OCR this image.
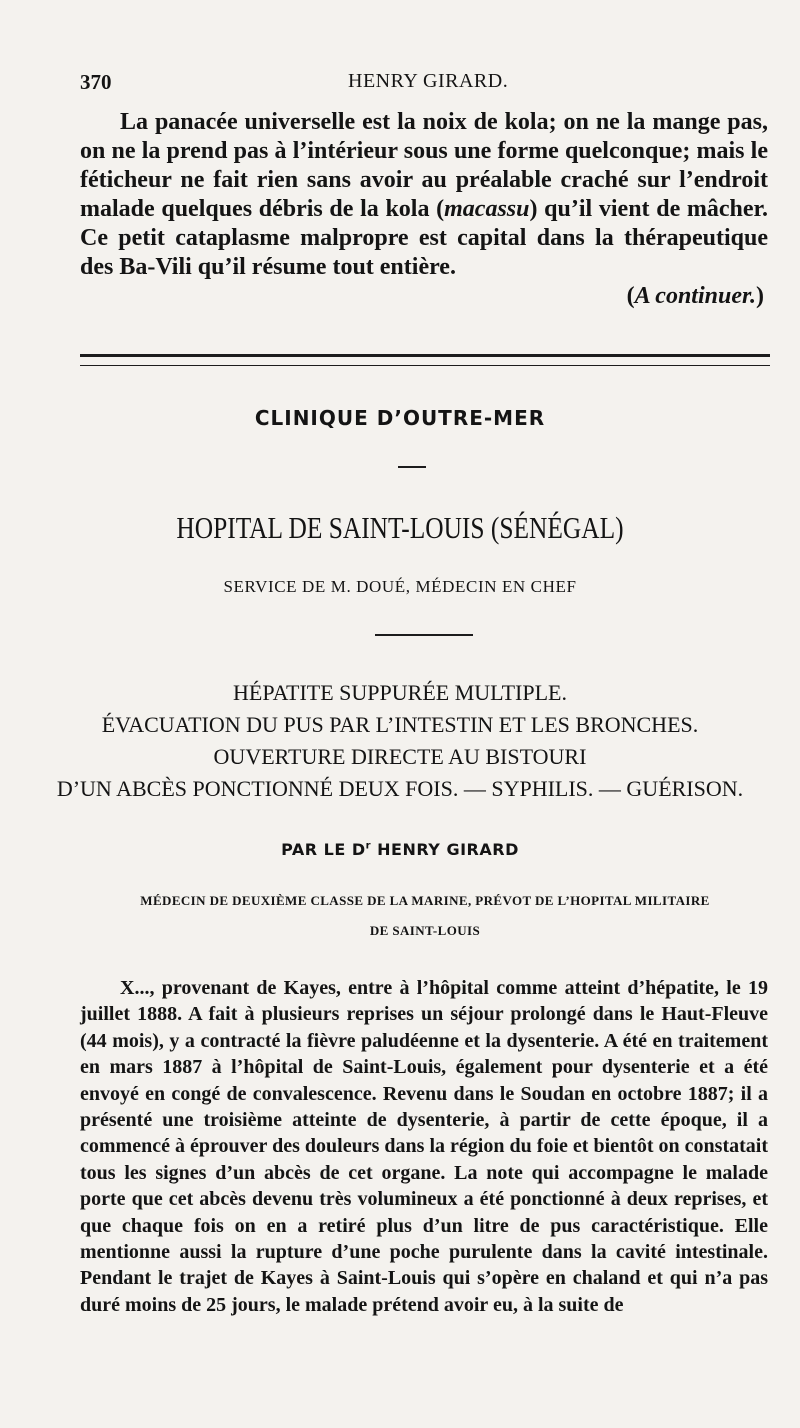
370	HENRY GIRARD.

La panacée universelle est la noix de kola; on ne la mange pas, on ne la prend pas à l’intérieur sous une forme quelconque; mais le féticheur ne fait rien sans avoir au préalable craché sur l’endroit malade quelques débris de la kola (macassu) qu’il vient de mâcher. Ce petit cataplasme malpropre est capital dans la thérapeutique des Ba-Vili qu’il résume tout entière.

(A continuer.)
CLINIQUE D’OUTRE-MER
HOPITAL DE SAINT-LOUIS (SÉNÉGAL)
SERVICE DE M. DOUÉ, MÉDECIN EN CHEF
HÉPATITE SUPPURÉE MULTIPLE.
ÉVACUATION DU PUS PAR L’INTESTIN ET LES BRONCHES.
OUVERTURE DIRECTE AU BISTOURI
D’UN ABCÈS PONCTIONNÉ DEUX FOIS. — SYPHILIS. — GUÉRISON.
PAR LE $D^r$ HENRY GIRARD
MÉDECIN DE DEUXIÈME CLASSE DE LA MARINE, PRÉVOT DE L’HOPITAL MILITAIRE
DE SAINT-LOUIS

X..., provenant de Kayes, entre à l’hôpital comme atteint d’hépatite, le 19 juillet 1888. A fait à plusieurs reprises un séjour prolongé dans le Haut-Fleuve (44 mois), y a contracté la fièvre paludéenne et la dysenterie. A été en traitement en mars 1887 à l’hôpital de Saint-Louis, également pour dysenterie et a été envoyé en congé de convalescence. Revenu dans le Soudan en octobre 1887; il a présenté une troisième atteinte de dysenterie, à partir de cette époque, il a commencé à éprouver des douleurs dans la région du foie et bientôt on constatait tous les signes d’un abcès de cet organe. La note qui accompagne le malade porte que cet abcès devenu très volumineux a été ponctionné à deux reprises, et que chaque fois on en a retiré plus d’un litre de pus caractéristique. Elle mentionne aussi la rupture d’une poche purulente dans la cavité intestinale. Pendant le trajet de Kayes à Saint-Louis qui s’opère en chaland et qui n’a pas duré moins de 25 jours, le malade prétend avoir eu, à la suite de
